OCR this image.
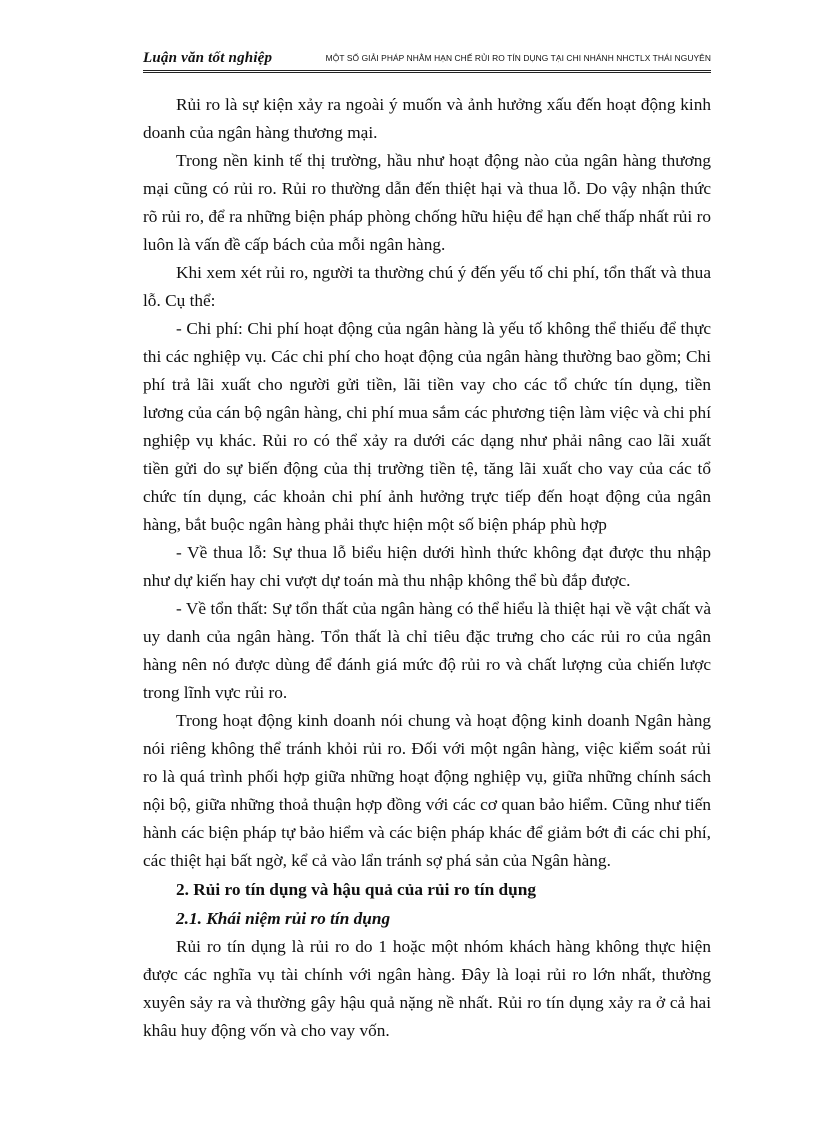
Luận văn tốt nghiệp	MỘT SỐ GIẢI PHÁP NHẰM HẠN CHẾ RỦI RO TÍN DỤNG TẠI CHI NHÁNH NHCTLX THÁI NGUYÊN

Rủi ro là sự kiện xảy ra ngoài ý muốn và ảnh hưởng xấu đến hoạt động kinh doanh của ngân hàng thương mại.

Trong nền kinh tế thị trường, hầu như hoạt động nào của ngân hàng thương mại cũng có rủi ro. Rủi ro thường dẫn đến thiệt hại và thua lỗ. Do vậy nhận thức rõ rủi ro, để ra những biện pháp phòng chống hữu hiệu để hạn chế thấp nhất rủi ro luôn là vấn đề cấp bách của mỗi ngân hàng.

Khi xem xét rủi ro, người ta thường chú ý đến yếu tố chi phí, tổn thất và thua lỗ. Cụ thể:

- Chi phí: Chi phí hoạt động của ngân hàng là yếu tố không thể thiếu để thực thi các nghiệp vụ. Các chi phí cho hoạt động của ngân hàng thường bao gồm; Chi phí trả lãi xuất cho người gửi tiền, lãi tiền vay cho các tổ chức tín dụng, tiền lương của cán bộ ngân hàng, chi phí mua sắm các phương tiện làm việc và chi phí nghiệp vụ khác. Rủi ro có thể xảy ra dưới các dạng như phải nâng cao lãi xuất tiền gửi do sự biến động của thị trường tiền tệ, tăng lãi xuất cho vay của các tổ chức tín dụng, các khoản chi phí ảnh hưởng trực tiếp đến hoạt động của ngân hàng, bắt buộc ngân hàng phải thực hiện một số biện pháp phù hợp

- Về thua lỗ: Sự thua lỗ biểu hiện dưới hình thức không đạt được thu nhập như dự kiến hay chi vượt dự toán mà thu nhập không thể bù đắp được.

- Về tổn thất: Sự tổn thất của ngân hàng có thể hiểu là thiệt hại về vật chất và uy danh của ngân hàng. Tổn thất là chỉ tiêu đặc trưng cho các rủi ro của ngân hàng nên nó được dùng để đánh giá mức độ rủi ro và chất lượng của chiến lược trong lĩnh vực rủi ro.

Trong hoạt động kinh doanh nói chung và hoạt động kinh doanh Ngân hàng nói riêng không thể tránh khỏi rủi ro. Đối với một ngân hàng, việc kiểm soát rủi ro là quá trình phối hợp giữa những hoạt động nghiệp vụ, giữa những chính sách nội bộ, giữa những thoả thuận hợp đồng với các cơ quan bảo hiểm. Cũng như tiến hành các biện pháp tự bảo hiểm và các biện pháp khác để giảm bớt đi các chi phí, các thiệt hại bất ngờ, kể cả vào lẩn tránh sợ phá sản của Ngân hàng.

2. Rủi ro tín dụng và hậu quả của rủi ro tín dụng
2.1. Khái niệm rủi ro tín dụng

Rủi ro tín dụng là rủi ro do 1 hoặc một nhóm khách hàng không thực hiện được các nghĩa vụ tài chính với ngân hàng. Đây là loại rủi ro lớn nhất, thường xuyên sảy ra và thường gây hậu quả nặng nề nhất. Rủi ro tín dụng xảy ra ở cả hai khâu huy động vốn và cho vay vốn.
